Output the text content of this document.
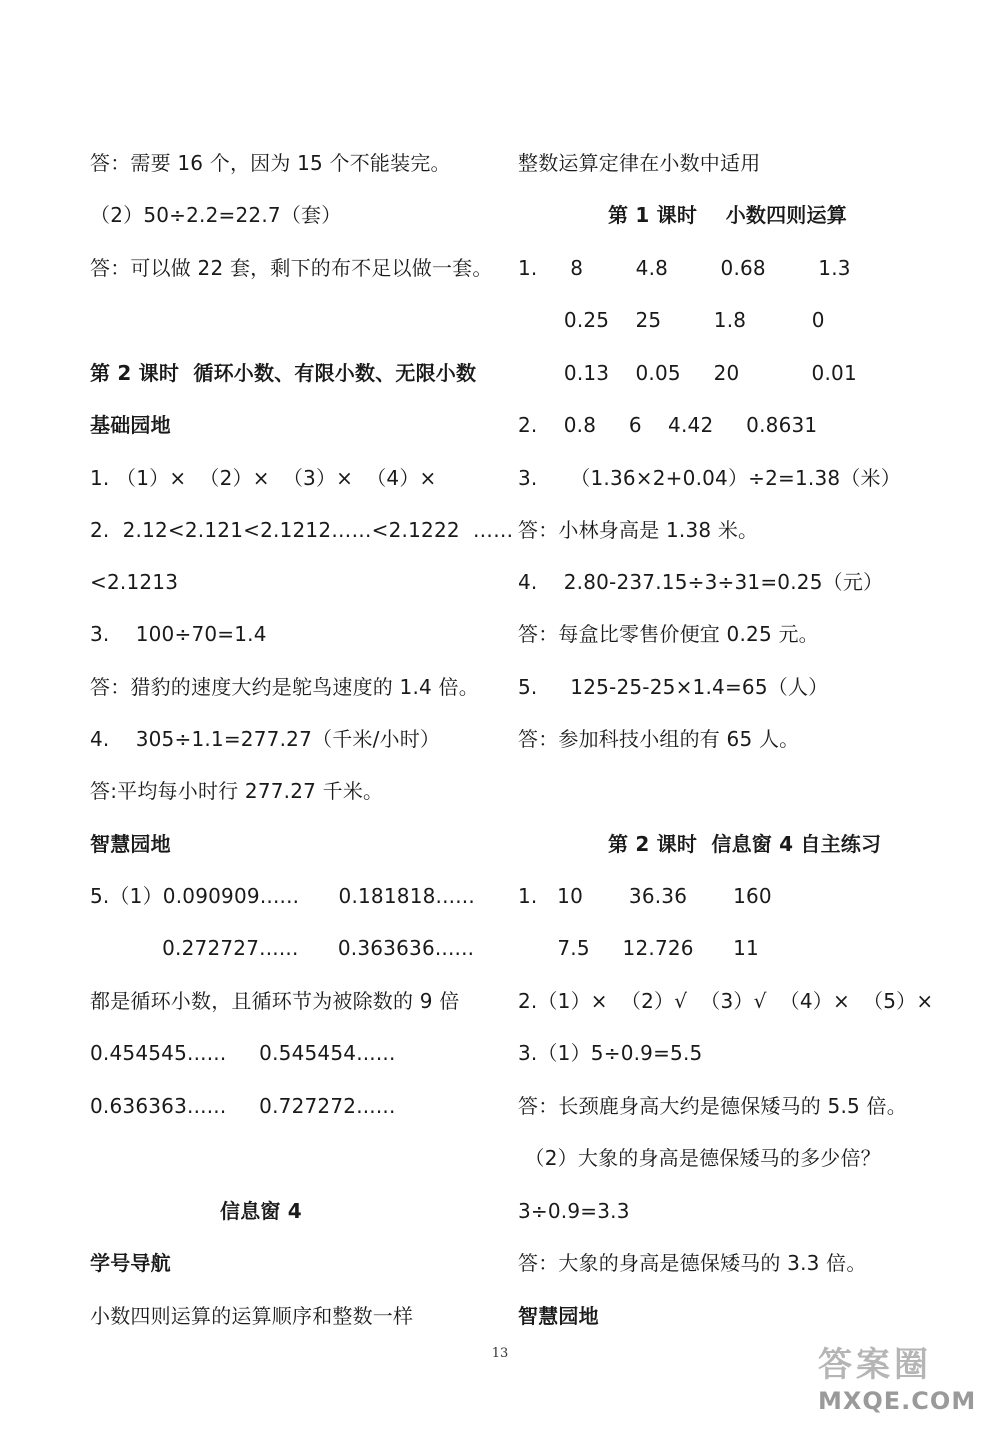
答：需要 16 个，因为 15 个不能装完。
（2）50÷2.2=22.7（套）
答：可以做 22 套，剩下的布不足以做一套。
第 2 课时  循环小数、有限小数、无限小数
基础园地
1. （1）×  （2）×  （3）×  （4）×
2.  2.12<2.121<2.1212……<2.1222  ……
<2.1213
3.    100÷70=1.4
答：猎豹的速度大约是鸵鸟速度的 1.4 倍。
4.    305÷1.1=277.27（千米/小时）
答:平均每小时行 277.27 千米。
智慧园地
5.（1）0.090909......      0.181818......
0.272727......      0.363636......
都是循环小数，且循环节为被除数的 9 倍
0.454545......     0.545454......
0.636363......     0.727272......
信息窗 4
学号导航
小数四则运算的运算顺序和整数一样
整数运算定律在小数中适用
第 1 课时    小数四则运算
1.     8        4.8        0.68        1.3
0.25    25        1.8          0
0.13    0.05     20           0.01
2.    0.8     6    4.42     0.8631
3.     （1.36×2+0.04）÷2=1.38（米）
答：小林身高是 1.38 米。
4.    2.80-237.15÷3÷31=0.25（元）
答：每盒比零售价便宜 0.25 元。
5.     125-25-25×1.4=65（人）
答：参加科技小组的有 65 人。
第 2 课时  信息窗 4 自主练习
1.   10       36.36       160
7.5     12.726      11
2.（1）×  （2）√  （3）√  （4）×  （5）×
3.（1）5÷0.9=5.5
答：长颈鹿身高大约是德保矮马的 5.5 倍。
（2）大象的身高是德保矮马的多少倍？
3÷0.9=3.3
答：大象的身高是德保矮马的 3.3 倍。
智慧园地
13	答案圈
MXQE.COM
